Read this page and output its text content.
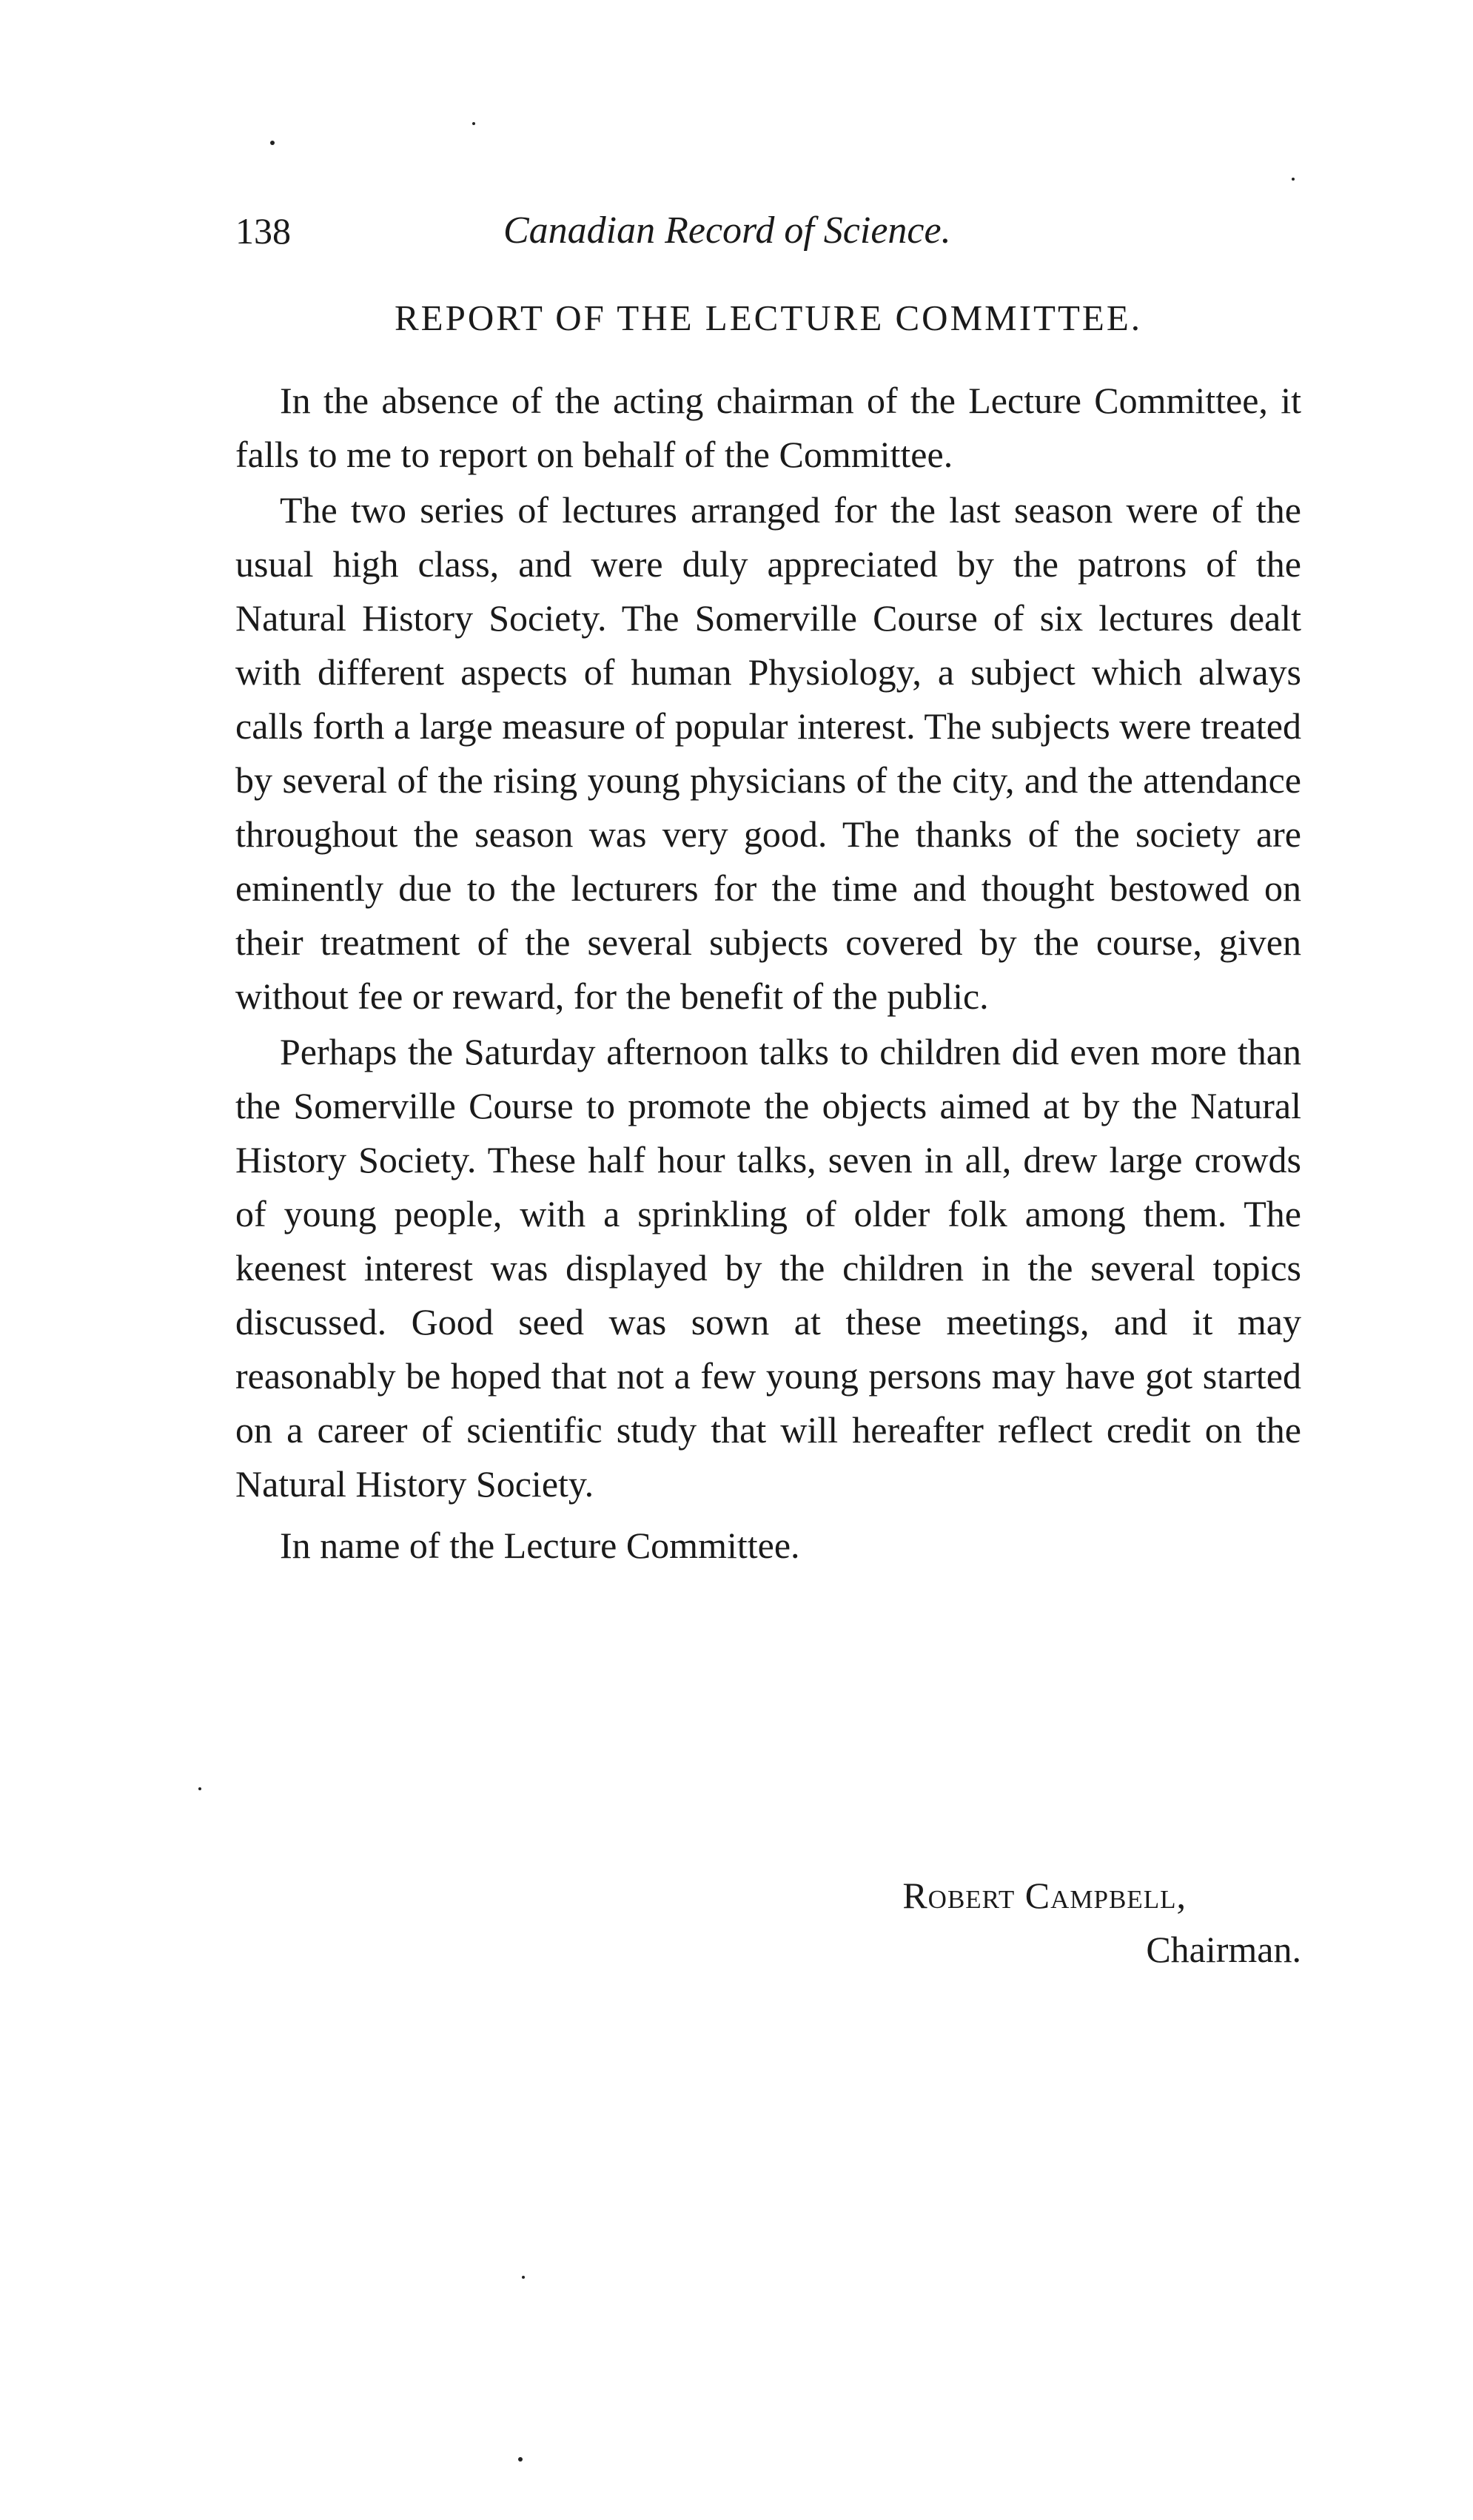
138	Canadian Record of Science.
REPORT OF THE LECTURE COMMITTEE.

In the absence of the acting chairman of the Lecture Committee, it falls to me to report on behalf of the Committee.

The two series of lectures arranged for the last season were of the usual high class, and were duly appreciated by the patrons of the Natural History Society. The Somerville Course of six lectures dealt with different aspects of human Physiology, a subject which always calls forth a large measure of popular interest. The subjects were treated by several of the rising young physicians of the city, and the attendance throughout the season was very good. The thanks of the society are eminently due to the lecturers for the time and thought bestowed on their treatment of the several subjects covered by the course, given without fee or reward, for the benefit of the public.

Perhaps the Saturday afternoon talks to children did even more than the Somerville Course to promote the objects aimed at by the Natural History Society. These half hour talks, seven in all, drew large crowds of young people, with a sprinkling of older folk among them. The keenest interest was displayed by the children in the several topics discussed. Good seed was sown at these meetings, and it may reasonably be hoped that not a few young persons may have got started on a career of scientific study that will hereafter reflect credit on the Natural History Society.

In name of the Lecture Committee.

Robert Campbell,
Chairman.
